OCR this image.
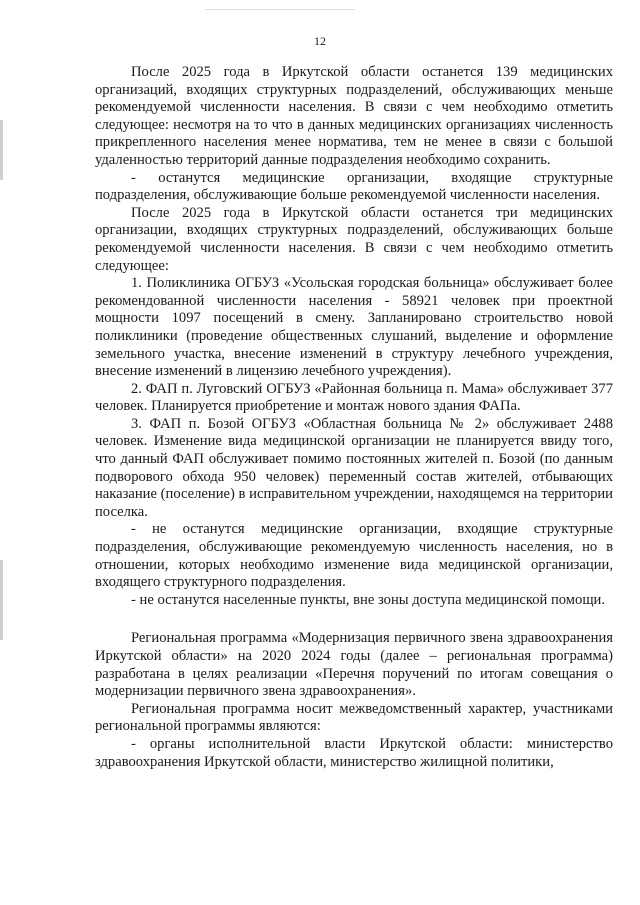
12

После 2025 года в Иркутской области останется 139 медицинских организаций, входящих структурных подразделений, обслуживающих меньше рекомендуемой численности населения. В связи с чем необходимо отметить следующее: несмотря на то что в данных медицинских организациях численность прикрепленного населения менее норматива, тем не менее в связи с большой удаленностью территорий данные подразделения необходимо сохранить.

- останутся медицинские организации, входящие структурные подразделения, обслуживающие больше рекомендуемой численности населения.

После 2025 года в Иркутской области останется три медицинских организации, входящих структурных подразделений, обслуживающих больше рекомендуемой численности населения. В связи с чем необходимо отметить следующее:

1. Поликлиника ОГБУЗ «Усольская городская больница» обслуживает более рекомендованной численности населения - 58921 человек при проектной мощности 1097 посещений в смену. Запланировано строительство новой поликлиники (проведение общественных слушаний, выделение и оформление земельного участка, внесение изменений в структуру лечебного учреждения, внесение изменений в лицензию лечебного учреждения).

2. ФАП п. Луговский ОГБУЗ «Районная больница п. Мама» обслуживает 377 человек. Планируется приобретение и монтаж нового здания ФАПа.

3. ФАП п. Бозой ОГБУЗ «Областная больница № 2» обслуживает 2488 человек. Изменение вида медицинской организации не планируется ввиду того, что данный ФАП обслуживает помимо постоянных жителей п. Бозой (по данным подворового обхода 950 человек) переменный состав жителей, отбывающих наказание (поселение) в исправительном учреждении, находящемся на территории поселка.

- не останутся медицинские организации, входящие структурные подразделения, обслуживающие рекомендуемую численность населения, но в отношении, которых необходимо изменение вида медицинской организации, входящего структурного подразделения.

- не останутся населенные пункты, вне зоны доступа медицинской помощи.

Региональная программа «Модернизация первичного звена здравоохранения Иркутской области» на 2020 2024 годы (далее – региональная программа) разработана в целях реализации «Перечня поручений по итогам совещания о модернизации первичного звена здравоохранения».

Региональная программа носит межведомственный характер, участниками региональной программы являются:

- органы исполнительной власти Иркутской области: министерство здравоохранения Иркутской области, министерство жилищной политики,
